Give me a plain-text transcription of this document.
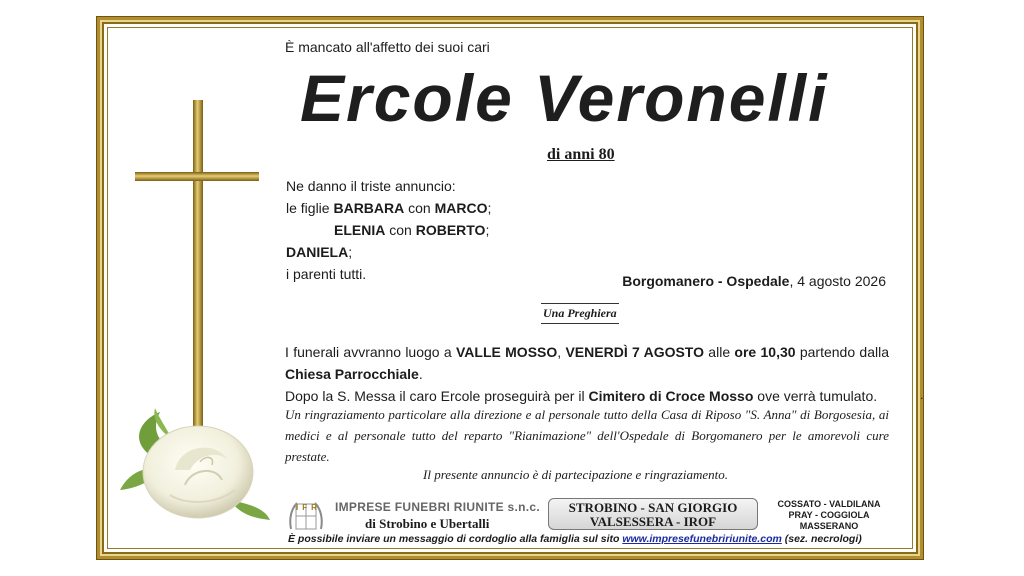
È mancato all'affetto dei suoi cari
Ercole Veronelli
di anni 80
Ne danno il triste annuncio:
le figlie BARBARA con MARCO;
ELENIA con ROBERTO;
DANIELA;
i parenti tutti.	Borgomanero - Ospedale, 4 agosto 2026
Una Preghiera
I funerali avvranno luogo a VALLE MOSSO, VENERDÌ 7 AGOSTO alle ore 10,30 partendo dalla Chiesa Parrocchiale.
Dopo la S. Messa il caro Ercole proseguirà per il Cimitero di Croce Mosso ove verrà tumulato.
Un ringraziamento particolare alla direzione e al personale tutto della Casa di Riposo "S. Anna" di Borgosesia, ai medici e al personale tutto del reparto "Rianimazione" dell'Ospedale di Borgomanero per le amorevoli cure prestate.
Il presente annuncio è di partecipazione e ringraziamento.
.
IFR IMPRESE FUNEBRI RIUNITE s.n.c.
di Strobino e Ubertalli
STROBINO - SAN GIORGIO
VALSESSERA - IROF
COSSATO - VALDILANA
PRAY - COGGIOLA
MASSERANO
È possibile inviare un messaggio di cordoglio alla famiglia sul sito www.impresefunebririunite.com (sez. necrologi)
